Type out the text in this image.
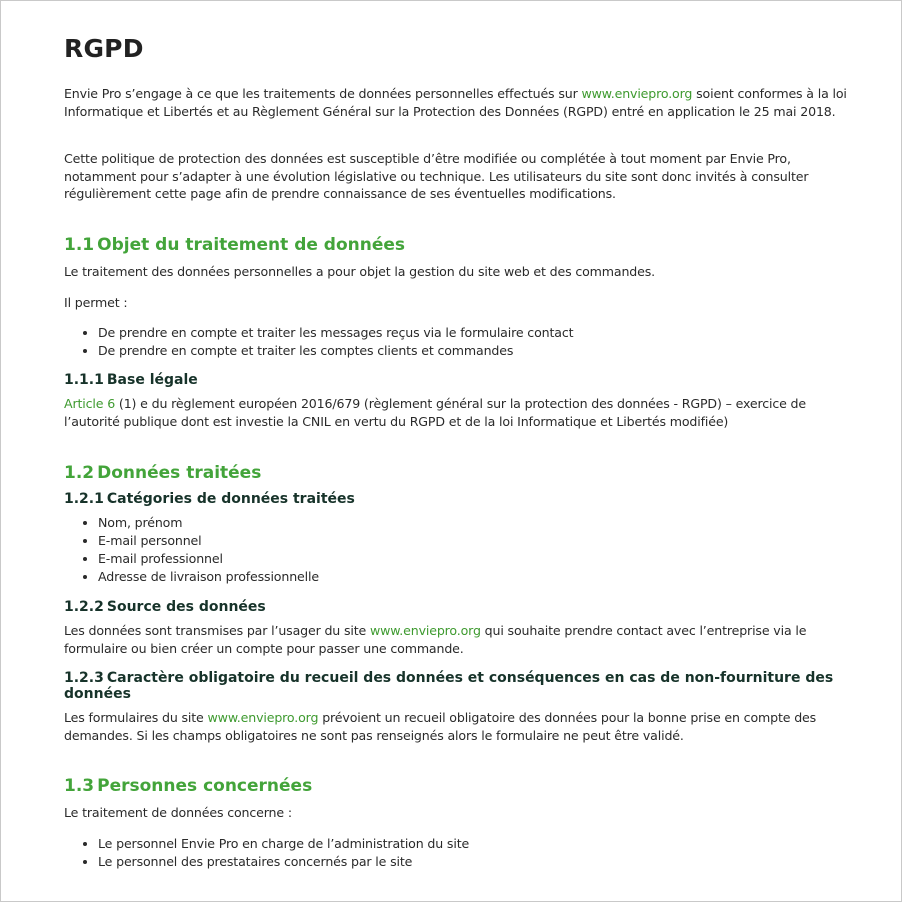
RGPD

Envie Pro s’engage à ce que les traitements de données personnelles effectués sur www.enviepro.org soient conformes à la loi Informatique et Libertés et au Règlement Général sur la Protection des Données (RGPD) entré en application le 25 mai 2018.

Cette politique de protection des données est susceptible d’être modifiée ou complétée à tout moment par Envie Pro, notamment pour s’adapter à une évolution législative ou technique. Les utilisateurs du site sont donc invités à consulter régulièrement cette page afin de prendre connaissance de ses éventuelles modifications.

1.1 Objet du traitement de données

Le traitement des données personnelles a pour objet la gestion du site web et des commandes.

Il permet :

• De prendre en compte et traiter les messages reçus via le formulaire contact
• De prendre en compte et traiter les comptes clients et commandes
1.1.1 Base légale

Article 6 (1) e du règlement européen 2016/679 (règlement général sur la protection des données - RGPD) – exercice de l’autorité publique dont est investie la CNIL en vertu du RGPD et de la loi Informatique et Libertés modifiée)

1.2 Données traitées
1.2.1 Catégories de données traitées
• Nom, prénom
• E-mail personnel
• E-mail professionnel
• Adresse de livraison professionnelle
1.2.2 Source des données

Les données sont transmises par l’usager du site www.enviepro.org qui souhaite prendre contact avec l’entreprise via le formulaire ou bien créer un compte pour passer une commande.

1.2.3 Caractère obligatoire du recueil des données et conséquences en cas de non-fourniture des données

Les formulaires du site www.enviepro.org prévoient un recueil obligatoire des données pour la bonne prise en compte des demandes. Si les champs obligatoires ne sont pas renseignés alors le formulaire ne peut être validé.

1.3 Personnes concernées

Le traitement de données concerne :

• Le personnel Envie Pro en charge de l’administration du site
• Le personnel des prestataires concernés par le site
